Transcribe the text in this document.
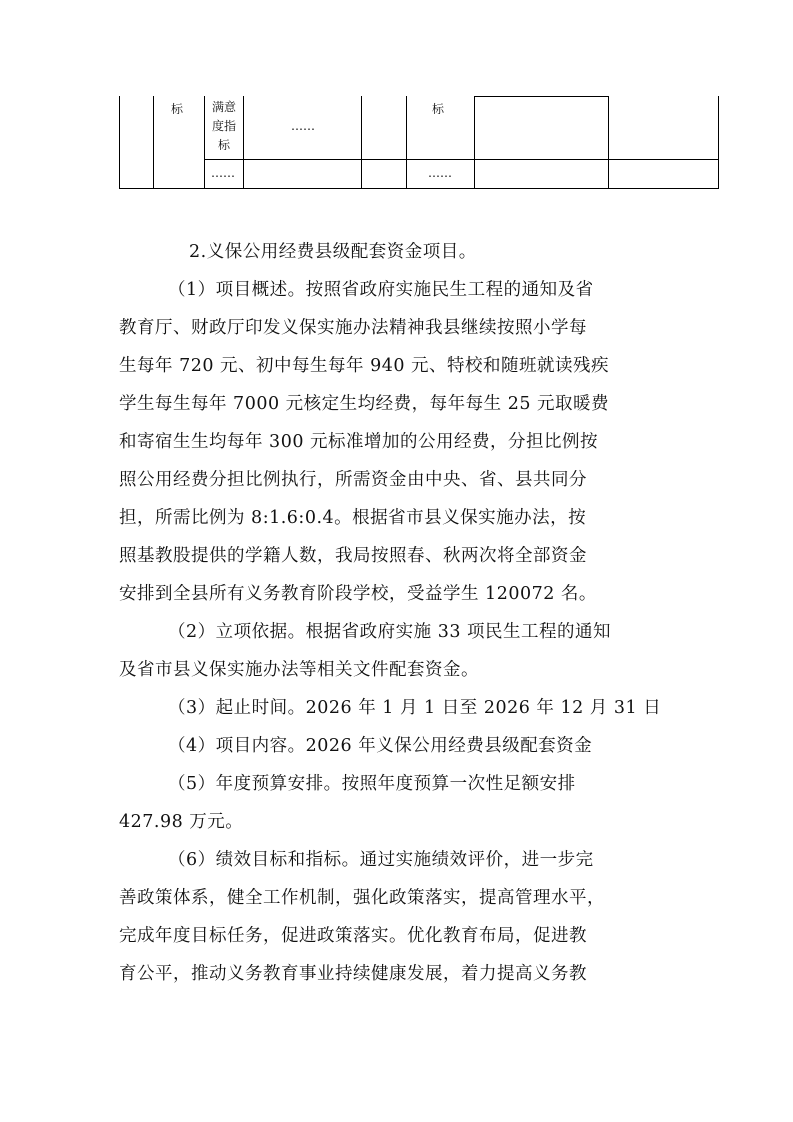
标 满意
度指
标
……
标
……	……
2.义保公用经费县级配套资金项目。
（1）项目概述。按照省政府实施民生工程的通知及省
教育厅、财政厅印发义保实施办法精神我县继续按照小学每
生每年 720 元、初中每生每年 940 元、特校和随班就读残疾
学生每生每年 7000 元核定生均经费，每年每生 25 元取暖费
和寄宿生生均每年 300 元标准增加的公用经费，分担比例按
照公用经费分担比例执行，所需资金由中央、省、县共同分
担，所需比例为 8:1.6:0.4。根据省市县义保实施办法，按
照基教股提供的学籍人数，我局按照春、秋两次将全部资金
安排到全县所有义务教育阶段学校，受益学生 120072 名。
（2）立项依据。根据省政府实施 33 项民生工程的通知
及省市县义保实施办法等相关文件配套资金。
（3）起止时间。2026 年 1 月 1 日至 2026 年 12 月 31 日
（4）项目内容。2026 年义保公用经费县级配套资金
（5）年度预算安排。按照年度预算一次性足额安排
427.98 万元。
（6）绩效目标和指标。通过实施绩效评价，进一步完
善政策体系，健全工作机制，强化政策落实，提高管理水平，
完成年度目标任务，促进政策落实。优化教育布局，促进教
育公平，推动义务教育事业持续健康发展，着力提高义务教
